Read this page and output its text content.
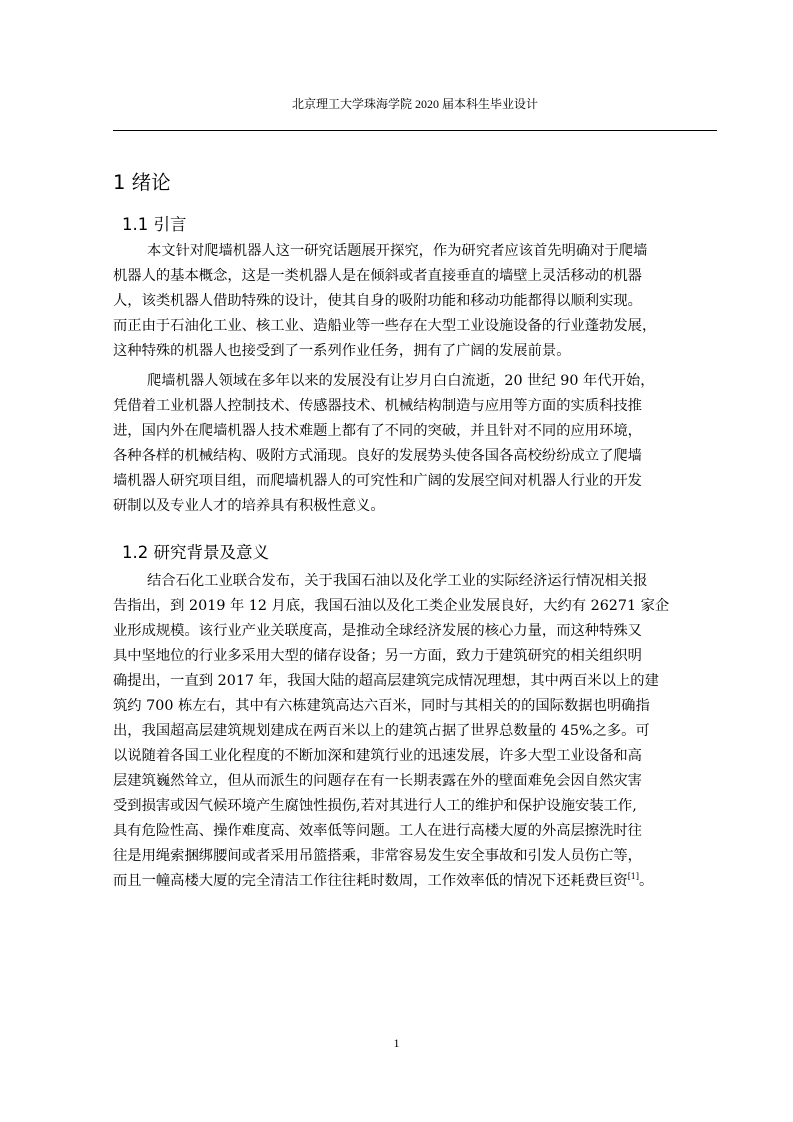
北京理工大学珠海学院 2020 届本科生毕业设计
1 绪论
1.1 引言
本文针对爬墙机器人这一研究话题展开探究，作为研究者应该首先明确对于爬墙
机器人的基本概念，这是一类机器人是在倾斜或者直接垂直的墙壁上灵活移动的机器
人，该类机器人借助特殊的设计，使其自身的吸附功能和移动功能都得以顺利实现。
而正由于石油化工业、核工业、造船业等一些存在大型工业设施设备的行业蓬勃发展，
这种特殊的机器人也接受到了一系列作业任务，拥有了广阔的发展前景。
爬墙机器人领域在多年以来的发展没有让岁月白白流逝，20 世纪 90 年代开始，
凭借着工业机器人控制技术、传感器技术、机械结构制造与应用等方面的实质科技推
进，国内外在爬墙机器人技术难题上都有了不同的突破，并且针对不同的应用环境，
各种各样的机械结构、吸附方式涌现。良好的发展势头使各国各高校纷纷成立了爬墙
墙机器人研究项目组，而爬墙机器人的可究性和广阔的发展空间对机器人行业的开发
研制以及专业人才的培养具有积极性意义。
1.2 研究背景及意义
结合石化工业联合发布，关于我国石油以及化学工业的实际经济运行情况相关报
告指出，到 2019 年 12 月底，我国石油以及化工类企业发展良好，大约有 26271 家企
业形成规模。该行业产业关联度高，是推动全球经济发展的核心力量，而这种特殊又
具中坚地位的行业多采用大型的储存设备；另一方面，致力于建筑研究的相关组织明
确提出，一直到 2017 年，我国大陆的超高层建筑完成情况理想，其中两百米以上的建
筑约 700 栋左右，其中有六栋建筑高达六百米，同时与其相关的的国际数据也明确指
出，我国超高层建筑规划建成在两百米以上的建筑占据了世界总数量的 45%之多。可
以说随着各国工业化程度的不断加深和建筑行业的迅速发展，许多大型工业设备和高
层建筑巍然耸立，但从而派生的问题存在有一长期表露在外的壁面难免会因自然灾害
受到损害或因气候环境产生腐蚀性损伤,若对其进行人工的维护和保护设施安装工作,
具有危险性高、操作难度高、效率低等问题。工人在进行高楼大厦的外高层擦洗时往
往是用绳索捆绑腰间或者采用吊篮搭乘，非常容易发生安全事故和引发人员伤亡等，
而且一幢高楼大厦的完全清洁工作往往耗时数周，工作效率低的情况下还耗费巨资[1]。
1
